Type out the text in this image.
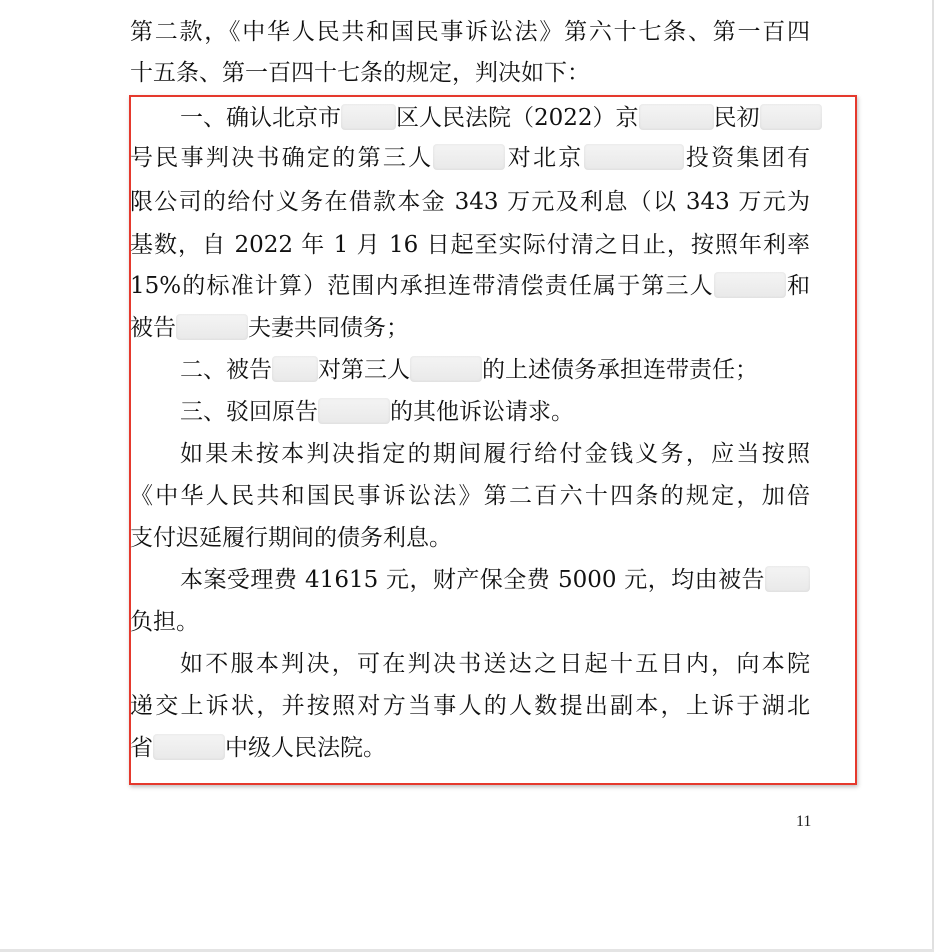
第二款，《中华人民共和国民事诉讼法》第六十七条、第一百四
十五条、第一百四十七条的规定，判决如下：
一、确认北京市 区人民法院（2022）京	民初
号民事判决书确定的第三人	对北京	投资集团有
限公司的给付义务在借款本金 343 万元及利息（以 343 万元为
基数，自 2022 年 1 月 16 日起至实际付清之日止，按照年利率
15%的标准计算）范围内承担连带清偿责任属于第三人	和
被告	夫妻共同债务；
二、被告 对第三人	的上述债务承担连带责任；
三、驳回原告	的其他诉讼请求。
如果未按本判决指定的期间履行给付金钱义务，应当按照
《中华人民共和国民事诉讼法》第二百六十四条的规定，加倍
支付迟延履行期间的债务利息。
本案受理费 41615 元，财产保全费 5000 元，均由被告
负担。
如不服本判决，可在判决书送达之日起十五日内，向本院
递交上诉状，并按照对方当事人的人数提出副本，上诉于湖北
省	中级人民法院。
11
